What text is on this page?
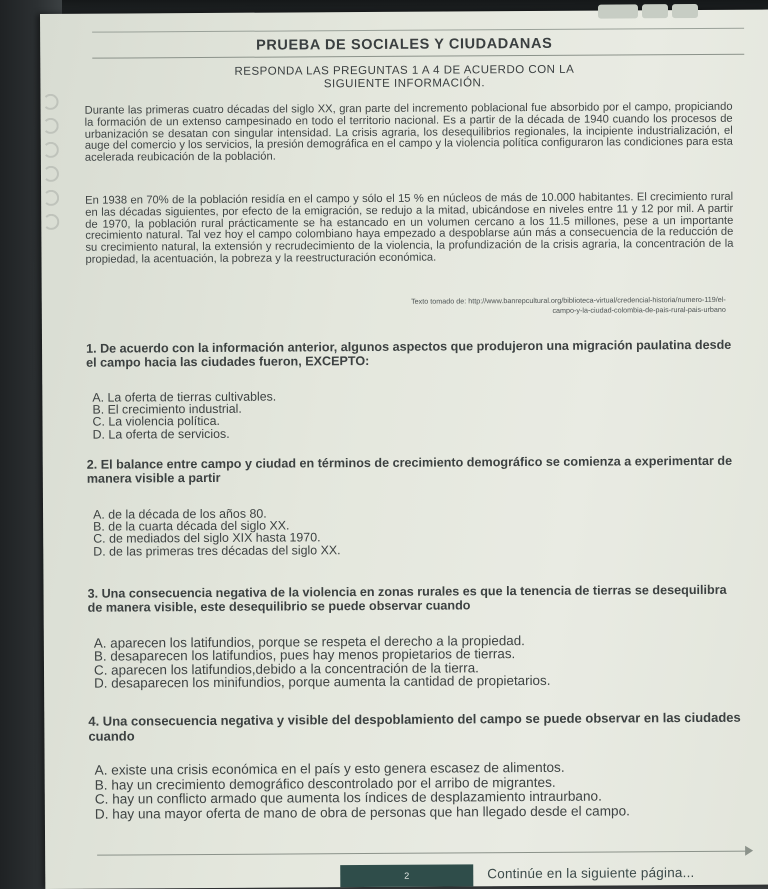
PRUEBA DE SOCIALES Y CIUDADANAS
RESPONDA LAS PREGUNTAS 1 A 4 DE ACUERDO CON LA
SIGUIENTE INFORMACIÓN.
Durante las primeras cuatro décadas del siglo XX, gran parte del incremento poblacional fue absorbido por el campo, propiciando la formación de un extenso campesinado en todo el territorio nacional. Es a partir de la década de 1940 cuando los procesos de urbanización se desatan con singular intensidad. La crisis agraria, los desequilibrios regionales, la incipiente industrialización, el auge del comercio y los servicios, la presión demográfica en el campo y la violencia política configuraron las condiciones para esta acelerada reubicación de la población.
En 1938 en 70% de la población residía en el campo y sólo el 15 % en núcleos de más de 10.000 habitantes. El crecimiento rural en las décadas siguientes, por efecto de la emigración, se redujo a la mitad, ubicándose en niveles entre 11 y 12 por mil. A partir de 1970, la población rural prácticamente se ha estancado en un volumen cercano a los 11.5 millones, pese a un importante crecimiento natural. Tal vez hoy el campo colombiano haya empezado a despoblarse aún más a consecuencia de la reducción de su crecimiento natural, la extensión y recrudecimiento de la violencia, la profundización de la crisis agraria, la concentración de la propiedad, la acentuación, la pobreza y la reestructuración económica.
Texto tomado de: http://www.banrepcultural.org/biblioteca-virtual/credencial-historia/numero-119/el-
campo-y-la-ciudad-colombia-de-pais-rural-pais-urbano
1. De acuerdo con la información anterior, algunos aspectos que produjeron una migración paulatina desde el campo hacia las ciudades fueron, EXCEPTO:
A. La oferta de tierras cultivables.
B. El crecimiento industrial.
C. La violencia política.
D. La oferta de servicios.
2. El balance entre campo y ciudad en términos de crecimiento demográfico se comienza a experimentar de manera visible a partir
A. de la década de los años 80.
B. de la cuarta década del siglo XX.
C. de mediados del siglo XIX hasta 1970.
D. de las primeras tres décadas del siglo XX.
3. Una consecuencia negativa de la violencia en zonas rurales es que la tenencia de tierras se desequilibra de manera visible, este desequilibrio se puede observar cuando
A. aparecen los latifundios, porque se respeta el derecho a la propiedad.
B. desaparecen los latifundios, pues hay menos propietarios de tierras.
C. aparecen los latifundios,debido a la concentración de la tierra.
D. desaparecen los minifundios, porque aumenta la cantidad de propietarios.
4. Una consecuencia negativa y visible del despoblamiento del campo se puede observar en las ciudades cuando
A. existe una crisis económica en el país y esto genera escasez de alimentos.
B. hay un crecimiento demográfico descontrolado por el arribo de migrantes.
C. hay un conflicto armado que aumenta los índices de desplazamiento intraurbano.
D. hay una mayor oferta de mano de obra de personas que han llegado desde el campo.
2	Continúe en la siguiente página...
